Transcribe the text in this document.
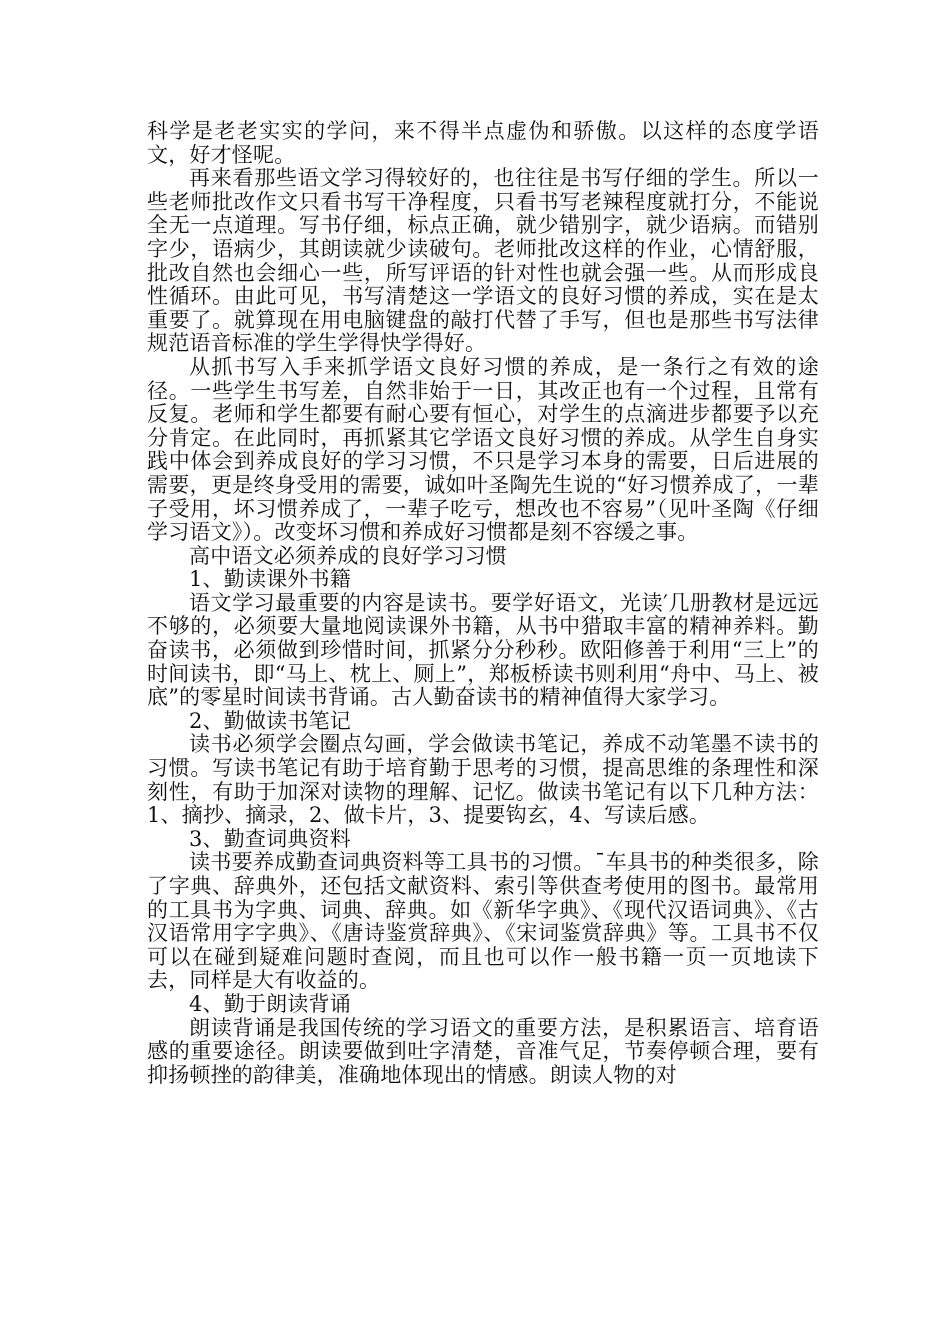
科学是老老实实的学问，来不得半点虚伪和骄傲。以这样的态度学语文，好才怪呢。

再来看那些语文学习得较好的，也往往是书写仔细的学生。所以一些老师批改作文只看书写干净程度，只看书写老辣程度就打分，不能说全无一点道理。写书仔细，标点正确，就少错别字，就少语病。而错别字少，语病少，其朗读就少读破句。老师批改这样的作业，心情舒服，批改自然也会细心一些，所写评语的针对性也就会强一些。从而形成良性循环。由此可见，书写清楚这一学语文的良好习惯的养成，实在是太重要了。就算现在用电脑键盘的敲打代替了手写，但也是那些书写法律规范语音标准的学生学得快学得好。

从抓书写入手来抓学语文良好习惯的养成，是一条行之有效的途径。一些学生书写差，自然非始于一日，其改正也有一个过程，且常有反复。老师和学生都要有耐心要有恒心，对学生的点滴进步都要予以充分肯定。在此同时，再抓紧其它学语文良好习惯的养成。从学生自身实践中体会到养成良好的学习习惯，不只是学习本身的需要，日后进展的需要，更是终身受用的需要，诚如叶圣陶先生说的“好习惯养成了，一辈子受用，坏习惯养成了，一辈子吃亏，想改也不容易”（见叶圣陶《仔细学习语文》）。改变坏习惯和养成好习惯都是刻不容缓之事。

高中语文必须养成的良好学习习惯

1、勤读课外书籍

语文学习最重要的内容是读书。要学好语文，光读′几册教材是远远不够的，必须要大量地阅读课外书籍，从书中猎取丰富的精神养料。勤奋读书，必须做到珍惜时间，抓紧分分秒秒。欧阳修善于利用“三上”的时间读书，即“马上、枕上、厕上”，郑板桥读书则利用“舟中、马上、被底”的零星时间读书背诵。古人勤奋读书的精神值得大家学习。

2、勤做读书笔记

读书必须学会圈点勾画，学会做读书笔记，养成不动笔墨不读书的习惯。写读书笔记有助于培育勤于思考的习惯，提高思维的条理性和深刻性，有助于加深对读物的理解、记忆。做读书笔记有以下几种方法：1、摘抄、摘录，2、做卡片，3、提要钩玄，4、写读后感。

3、勤查词典资料

读书要养成勤查词典资料等工具书的习惯。¯车具书的种类很多，除了字典、辞典外，还包括文献资料、索引等供查考使用的图书。最常用的工具书为字典、词典、辞典。如《新华字典》、《现代汉语词典》、《古汉语常用字字典》、《唐诗鉴赏辞典》、《宋词鉴赏辞典》等。工具书不仅可以在碰到疑难问题时查阅，而且也可以作一般书籍一页一页地读下去，同样是大有收益的。

4、勤于朗读背诵

朗读背诵是我国传统的学习语文的重要方法，是积累语言、培育语感的重要途径。朗读要做到吐字清楚，音准气足，节奏停顿合理，要有抑扬顿挫的韵律美，准确地体现出的情感。朗读人物的对
